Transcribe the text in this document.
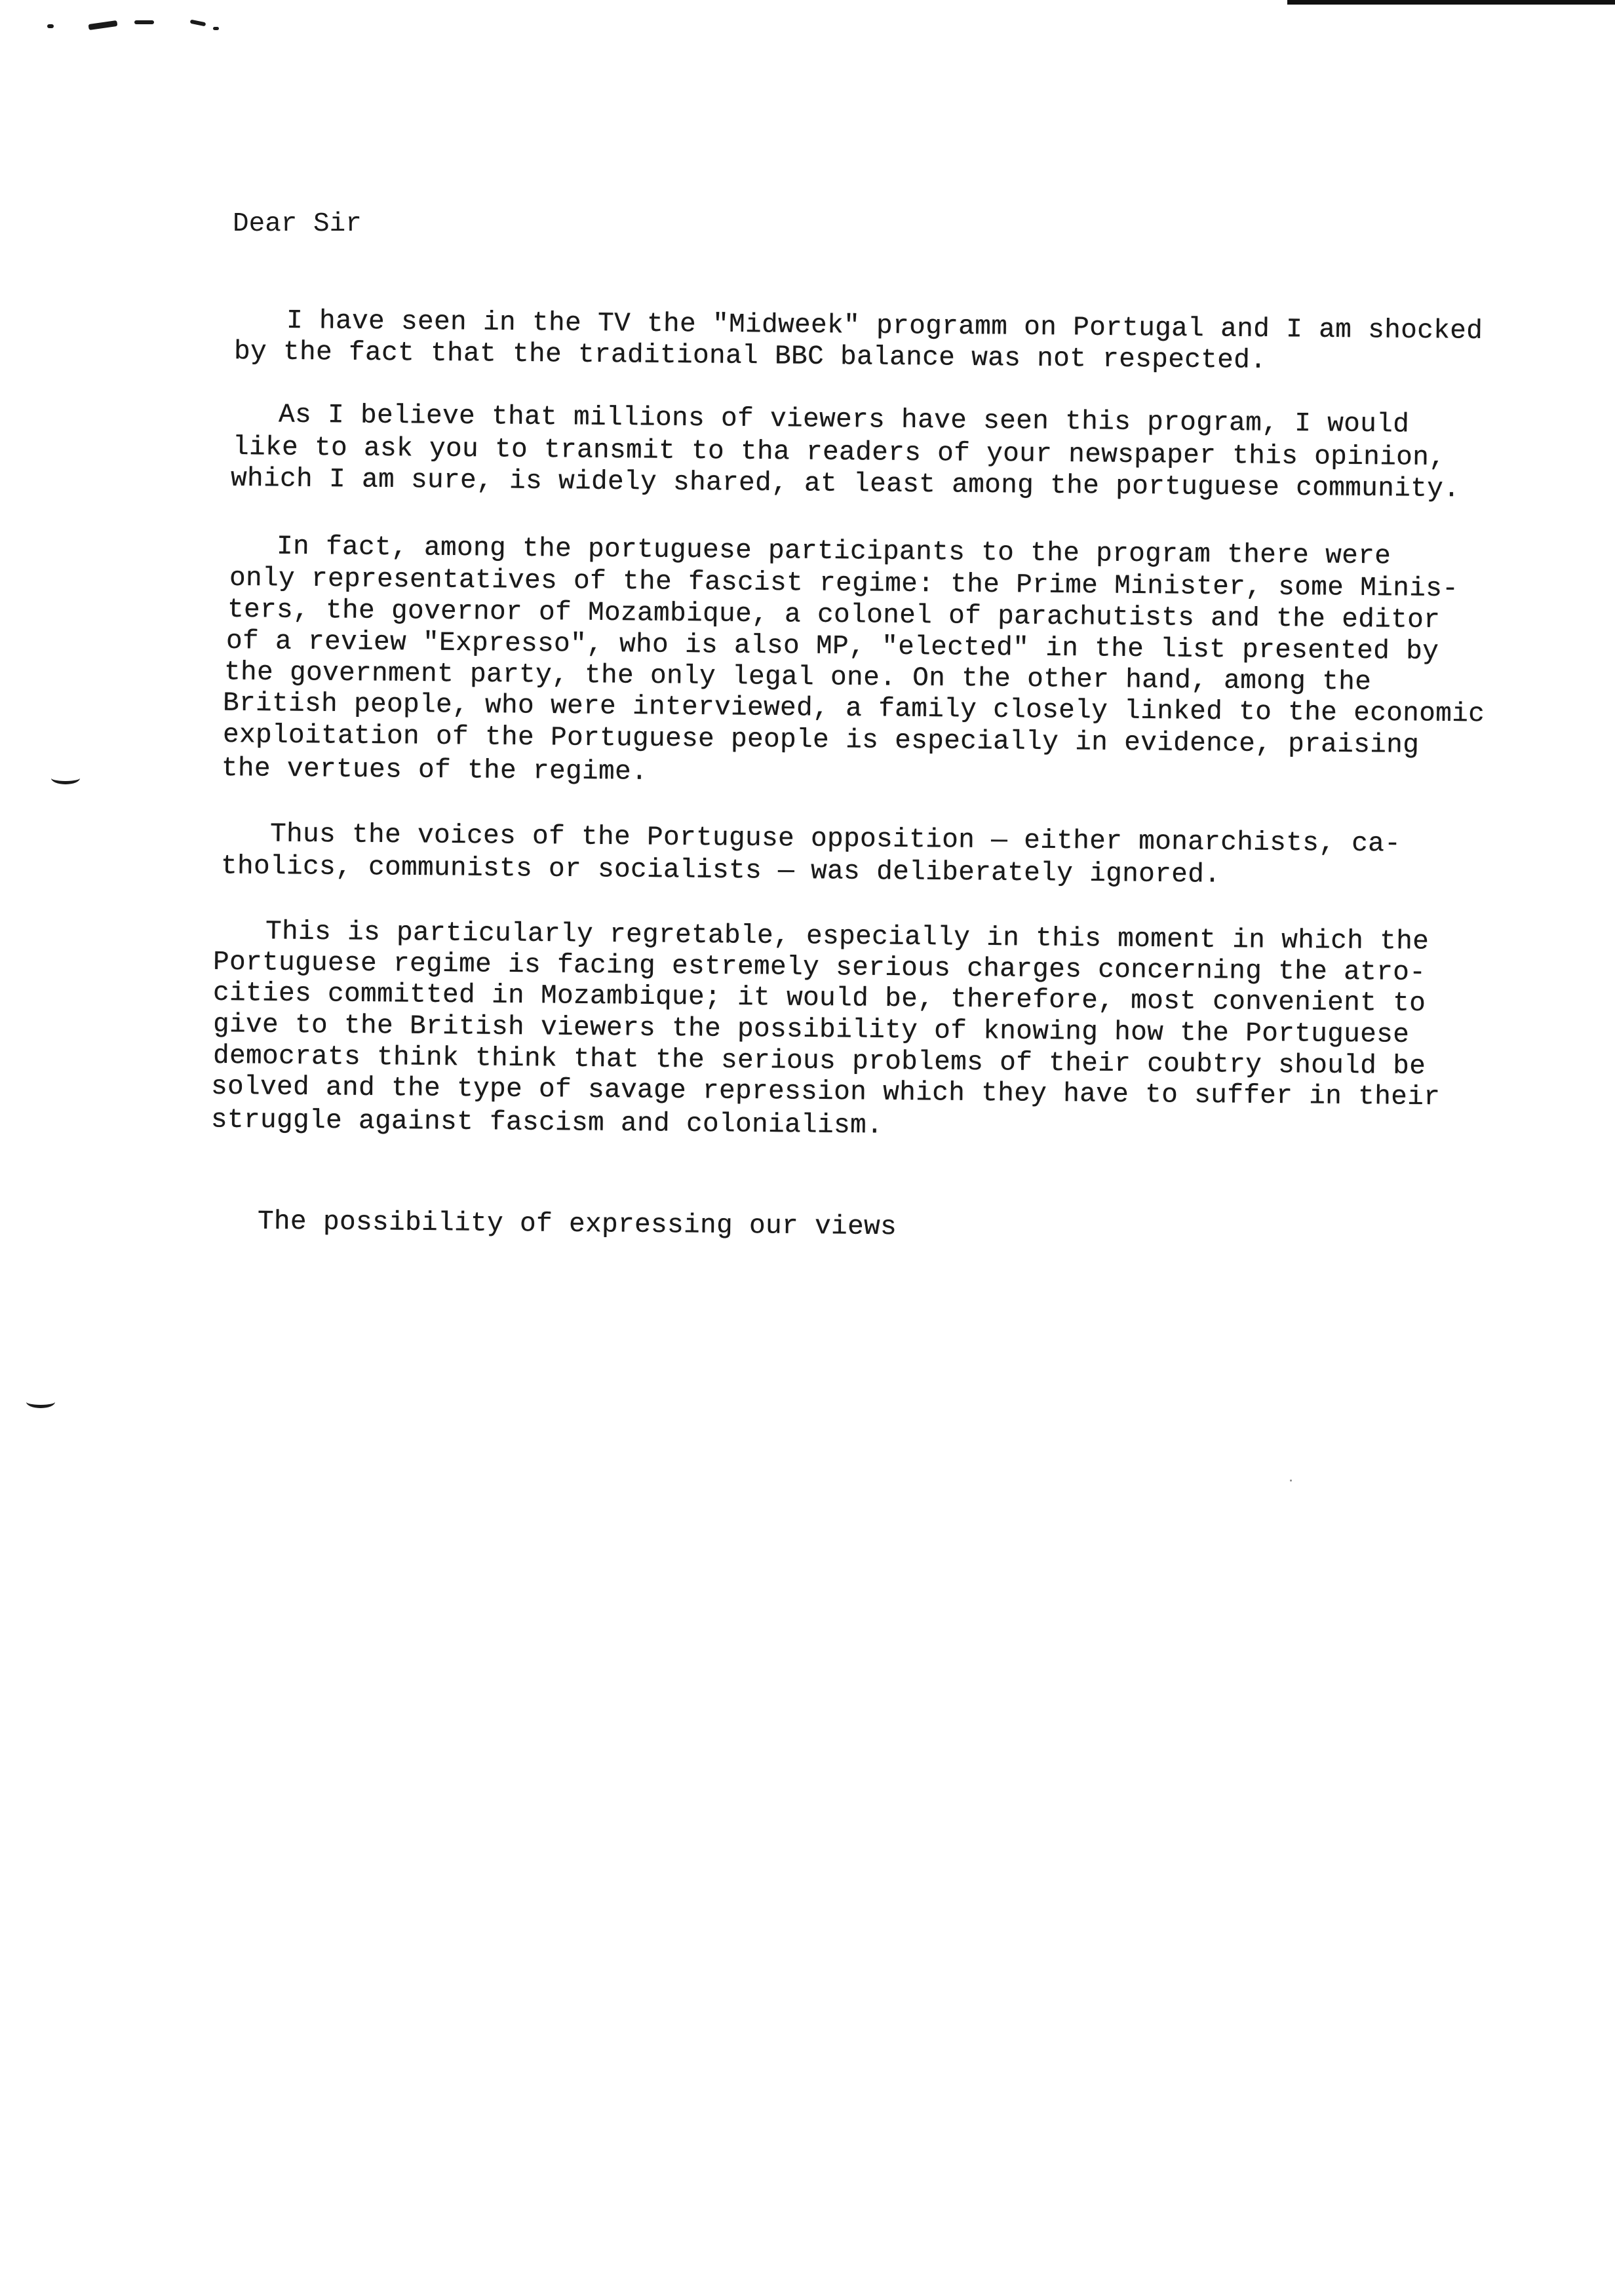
Dear Sir
I have seen in the TV the "Midweek" programm on Portugal and I am shocked
by the fact that the traditional BBC balance was not respected.
As I believe that millions of viewers have seen this program, I would
like to ask you to transmit to tha readers of your newspaper this opinion,
which I am sure, is widely shared, at least among the portuguese community.
In fact, among the portuguese participants to the program there were
only representatives of the fascist regime: the Prime Minister, some Minis-
ters, the governor of Mozambique, a colonel of parachutists and the editor
of a review "Expresso", who is also MP, "elected" in the list presented by
the government party, the only legal one. On the other hand, among the
British people, who were interviewed, a family closely linked to the economic
exploitation of the Portuguese people is especially in evidence, praising
the vertues of the regime.
Thus the voices of the Portuguse opposition — either monarchists, ca-
tholics, communists or socialists — was deliberately ignored.
This is particularly regretable, especially in this moment in which the
Portuguese regime is facing estremely serious charges concerning the atro-
cities committed in Mozambique; it would be, therefore, most convenient to
give to the British viewers the possibility of knowing how the Portuguese
democrats think think that the serious problems of their coubtry should be
solved and the type of savage repression which they have to suffer in their
struggle against fascism and colonialism.
The possibility of expressing our views
